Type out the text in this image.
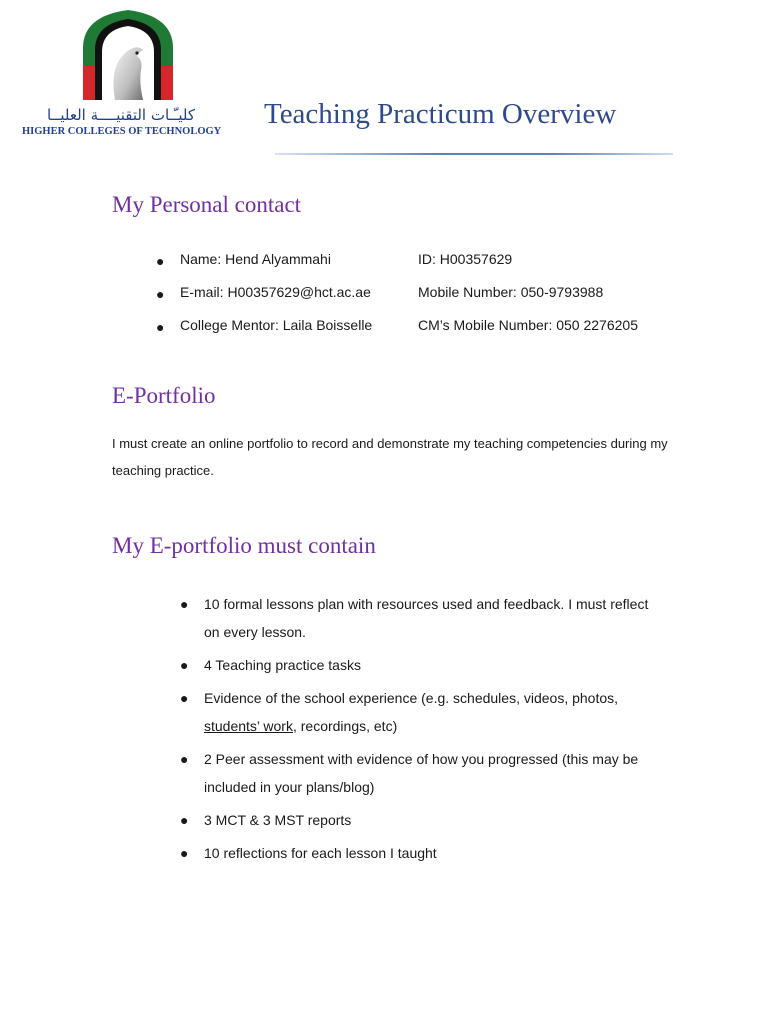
كليـّـات التقنيــــة العليــا
HIGHER COLLEGES OF TECHNOLOGY
Teaching Practicum Overview
My Personal contact
● Name: Hend Alyammahi	ID: H00357629
● E-mail: H00357629@hct.ac.ae	Mobile Number: 050-9793988
● College Mentor: Laila Boisselle	CM’s Mobile Number: 050 2276205
E-Portfolio
I must create an online portfolio to record and demonstrate my teaching competencies during my teaching practice.
My E-portfolio must contain
● 10 formal lessons plan with resources used and feedback. I must reflect on every lesson.
● 4 Teaching practice tasks
● Evidence of the school experience (e.g. schedules, videos, photos, students’ work, recordings, etc)
● 2 Peer assessment with evidence of how you progressed (this may be included in your plans/blog)
● 3 MCT & 3 MST reports
● 10 reflections for each lesson I taught
